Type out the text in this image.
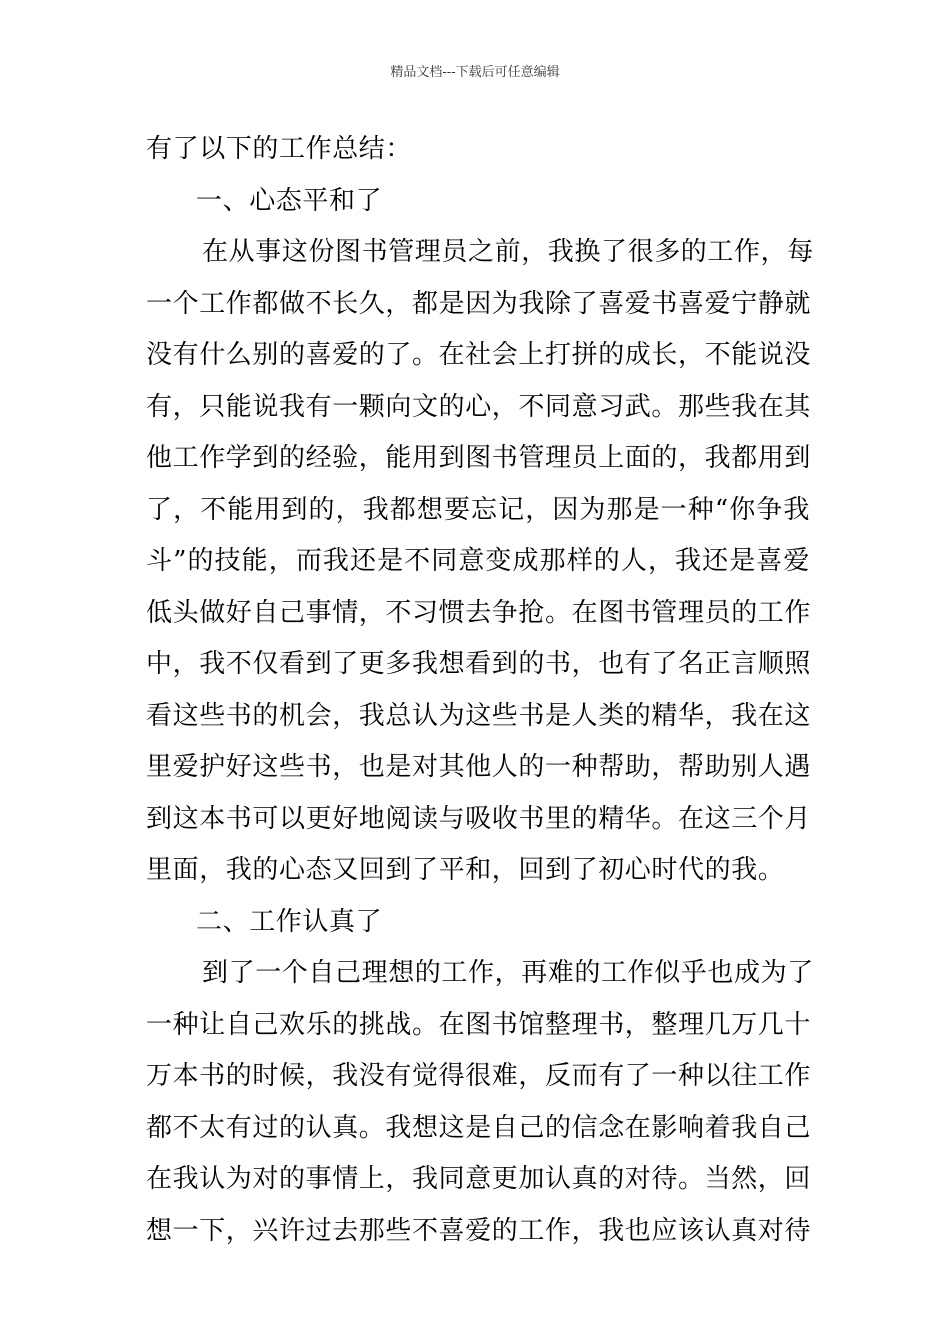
精品文档---下载后可任意编辑
有了以下的工作总结：
一、心态平和了
在从事这份图书管理员之前，我换了很多的工作，每
一个工作都做不长久，都是因为我除了喜爱书喜爱宁静就
没有什么别的喜爱的了。在社会上打拼的成长，不能说没
有，只能说我有一颗向文的心，不同意习武。那些我在其
他工作学到的经验，能用到图书管理员上面的，我都用到
了，不能用到的，我都想要忘记，因为那是一种“你争我
斗”的技能，而我还是不同意变成那样的人，我还是喜爱
低头做好自己事情，不习惯去争抢。在图书管理员的工作
中，我不仅看到了更多我想看到的书，也有了名正言顺照
看这些书的机会，我总认为这些书是人类的精华，我在这
里爱护好这些书，也是对其他人的一种帮助，帮助别人遇
到这本书可以更好地阅读与吸收书里的精华。在这三个月
里面，我的心态又回到了平和，回到了初心时代的我。
二、工作认真了
到了一个自己理想的工作，再难的工作似乎也成为了
一种让自己欢乐的挑战。在图书馆整理书，整理几万几十
万本书的时候，我没有觉得很难，反而有了一种以往工作
都不太有过的认真。我想这是自己的信念在影响着我自己
在我认为对的事情上，我同意更加认真的对待。当然，回
想一下，兴许过去那些不喜爱的工作，我也应该认真对待
